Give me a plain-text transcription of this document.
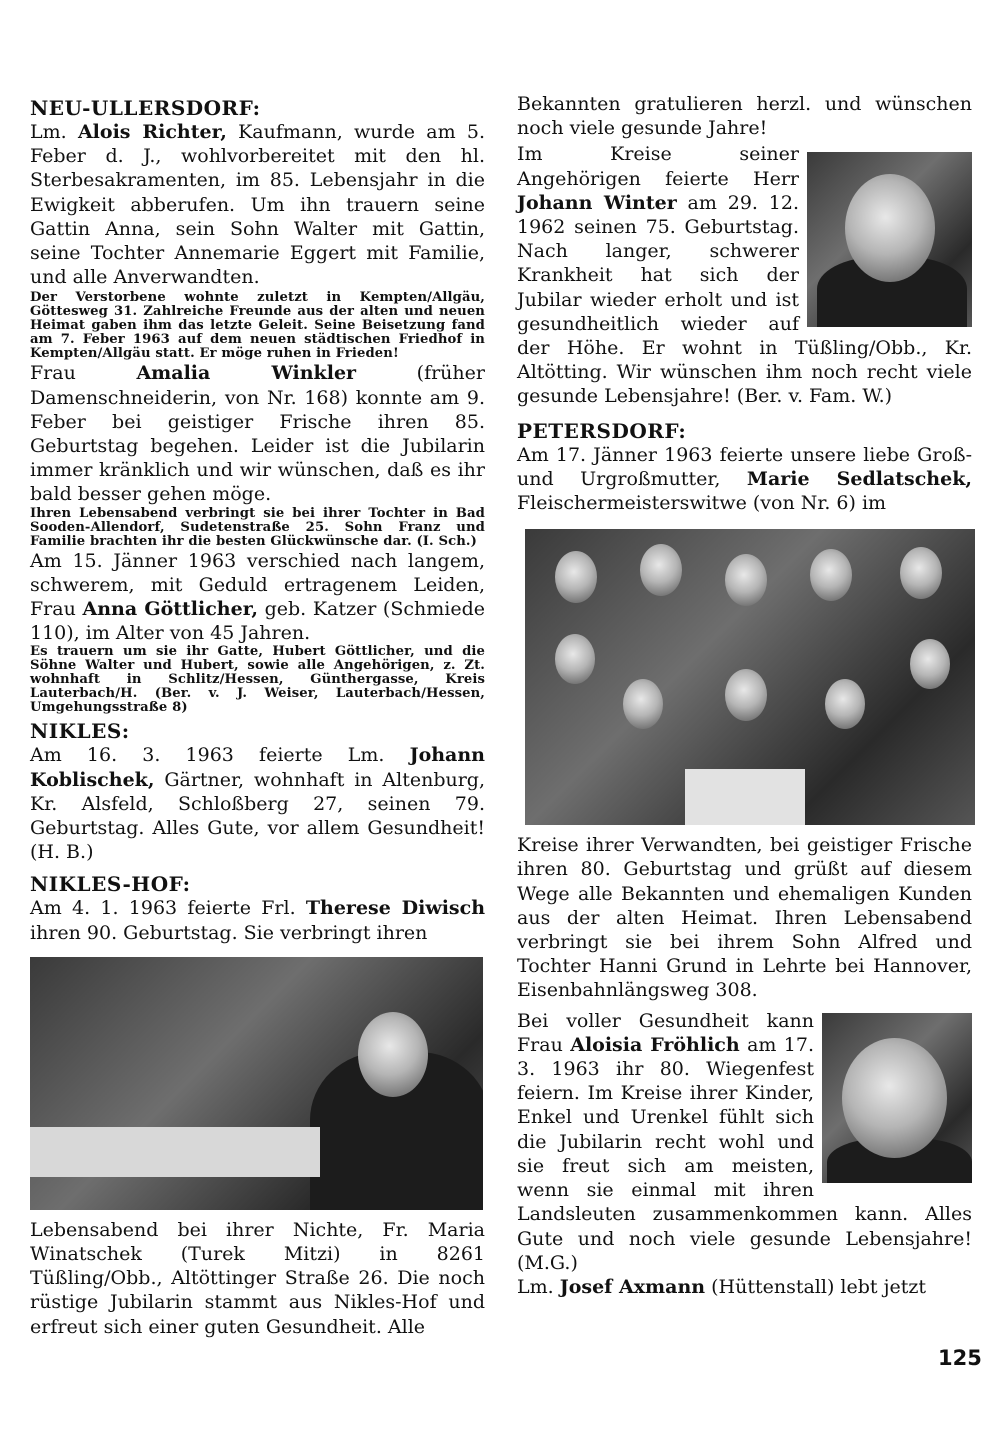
NEU-ULLERSDORF:

Lm. Alois Richter, Kaufmann, wurde am 5. Feber d. J., wohlvorbereitet mit den hl. Sterbesakramenten, im 85. Lebensjahr in die Ewigkeit abberufen. Um ihn trauern seine Gattin Anna, sein Sohn Walter mit Gattin, seine Tochter Annemarie Eggert mit Familie, und alle Anverwandten.

Der Verstorbene wohnte zuletzt in Kempten/Allgäu, Göttesweg 31. Zahlreiche Freunde aus der alten und neuen Heimat gaben ihm das letzte Geleit. Seine Beisetzung fand am 7. Feber 1963 auf dem neuen städtischen Friedhof in Kempten/Allgäu statt. Er möge ruhen in Frieden!

Frau Amalia Winkler (früher Damenschneiderin, von Nr. 168) konnte am 9. Feber bei geistiger Frische ihren 85. Geburtstag begehen. Leider ist die Jubilarin immer kränklich und wir wünschen, daß es ihr bald besser gehen möge.

Ihren Lebensabend verbringt sie bei ihrer Tochter in Bad Sooden-Allendorf, Sudetenstraße 25. Sohn Franz und Familie brachten ihr die besten Glückwünsche dar. (I. Sch.)

Am 15. Jänner 1963 verschied nach langem, schwerem, mit Geduld ertragenem Leiden, Frau Anna Göttlicher, geb. Katzer (Schmiede 110), im Alter von 45 Jahren.

Es trauern um sie ihr Gatte, Hubert Göttlicher, und die Söhne Walter und Hubert, sowie alle Angehörigen, z. Zt. wohnhaft in Schlitz/Hessen, Günthergasse, Kreis Lauterbach/H. (Ber. v. J. Weiser, Lauterbach/Hessen, Umgehungsstraße 8)

NIKLES:

Am 16. 3. 1963 feierte Lm. Johann Koblischek, Gärtner, wohnhaft in Altenburg, Kr. Alsfeld, Schloßberg 27, seinen 79. Geburtstag. Alles Gute, vor allem Gesundheit! (H. B.)

NIKLES-HOF:

Am 4. 1. 1963 feierte Frl. Therese Diwisch ihren 90. Geburtstag. Sie verbringt ihren

Lebensabend bei ihrer Nichte, Fr. Maria Winatschek (Turek Mitzi) in 8261 Tüßling/Obb., Altöttinger Straße 26. Die noch rüstige Jubilarin stammt aus Nikles-Hof und erfreut sich einer guten Gesundheit. Alle

Bekannten gratulieren herzl. und wünschen noch viele gesunde Jahre!

Im Kreise seiner Angehörigen feierte Herr Johann Winter am 29. 12. 1962 seinen 75. Geburtstag. Nach langer, schwerer Krankheit hat sich der Jubilar wieder erholt und ist gesundheitlich wieder auf der Höhe. Er wohnt in Tüßling/Obb., Kr. Altötting. Wir wünschen ihm noch recht viele gesunde Lebensjahre! (Ber. v. Fam. W.)

PETERSDORF:

Am 17. Jänner 1963 feierte unsere liebe Groß- und Urgroßmutter, Marie Sedlatschek, Fleischermeisterswitwe (von Nr. 6) im

Kreise ihrer Verwandten, bei geistiger Frische ihren 80. Geburtstag und grüßt auf diesem Wege alle Bekannten und ehemaligen Kunden aus der alten Heimat. Ihren Lebensabend verbringt sie bei ihrem Sohn Alfred und Tochter Hanni Grund in Lehrte bei Hannover, Eisenbahnlängsweg 308.

Bei voller Gesundheit kann Frau Aloisia Fröhlich am 17. 3. 1963 ihr 80. Wiegenfest feiern. Im Kreise ihrer Kinder, Enkel und Urenkel fühlt sich die Jubilarin recht wohl und sie freut sich am meisten, wenn sie einmal mit ihren Landsleuten zusammenkommen kann. Alles Gute und noch viele gesunde Lebensjahre! (M.G.)

Lm. Josef Axmann (Hüttenstall) lebt jetzt

125
